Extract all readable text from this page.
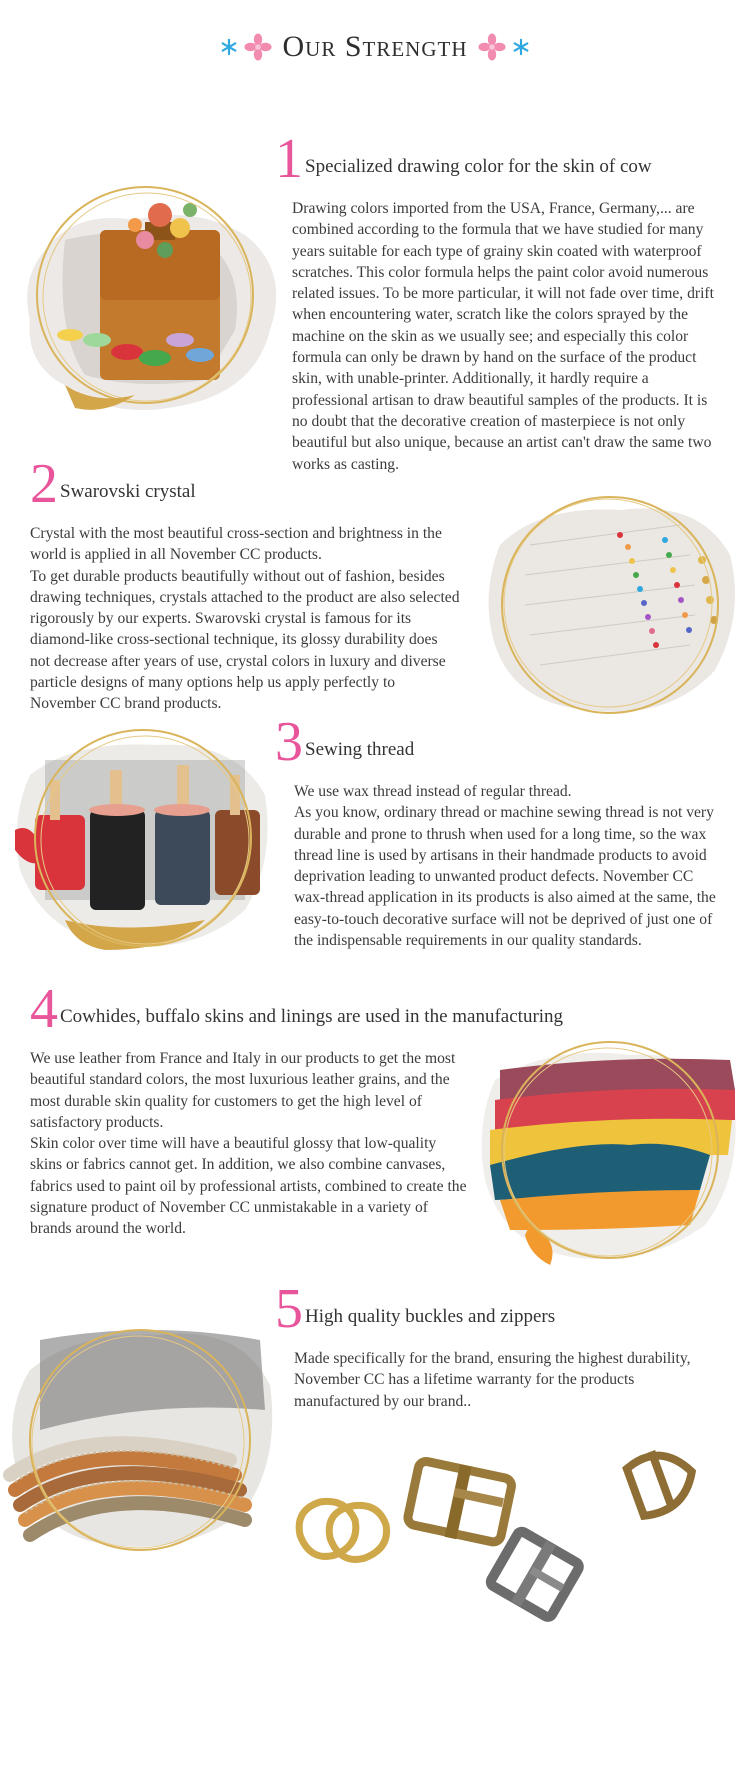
Our Strength
1 Specialized drawing color for the skin of cow

Drawing colors imported from the USA, France, Germany,... are combined according to the formula that we have studied for many years suitable for each type of grainy skin coated with waterproof scratches. This color formula helps the paint color avoid numerous related issues. To be more particular, it will not fade over time, drift when encountering water, scratch like the colors sprayed by the machine on the skin as we usually see; and especially this color formula can only be drawn by hand on the surface of the product skin, with unable-printer. Additionally, it hardly require a professional artisan to draw beautiful samples of the products. It is no doubt that the decorative creation of masterpiece is not only beautiful but also unique, because an artist can't draw the same two works as casting.

2 Swarovski crystal

Crystal with the most beautiful cross-section and brightness in the world is applied in all November CC products.

To get durable products beautifully without out of fashion, besides drawing techniques, crystals attached to the product are also selected rigorously by our experts. Swarovski crystal is famous for its diamond-like cross-sectional technique, its glossy durability does not decrease after years of use, crystal colors in luxury and diverse particle designs of many options help us apply perfectly to November CC brand products.

3 Sewing thread

We use wax thread instead of regular thread.

As you know, ordinary thread or machine sewing thread is not very durable and prone to thrush when used for a long time, so the wax thread line is used by artisans in their handmade products to avoid deprivation leading to unwanted product defects. November CC wax-thread application in its products is also aimed at the same, the easy-to-touch decorative surface will not be deprived of just one of the indispensable requirements in our quality standards.

4 Cowhides, buffalo skins and linings are used in the manufacturing

We use leather from France and Italy in our products to get the most beautiful standard colors, the most luxurious leather grains, and the most durable skin quality for customers to get the high level of satisfactory products.

Skin color over time will have a beautiful glossy that low-quality skins or fabrics cannot get. In addition, we also combine canvases, fabrics used to paint oil by professional artists, combined to create the signature product of November CC unmistakable in a variety of brands around the world.

5 High quality buckles and zippers

Made specifically for the brand, ensuring the highest durability, November CC has a lifetime warranty for the products manufactured by our brand..
